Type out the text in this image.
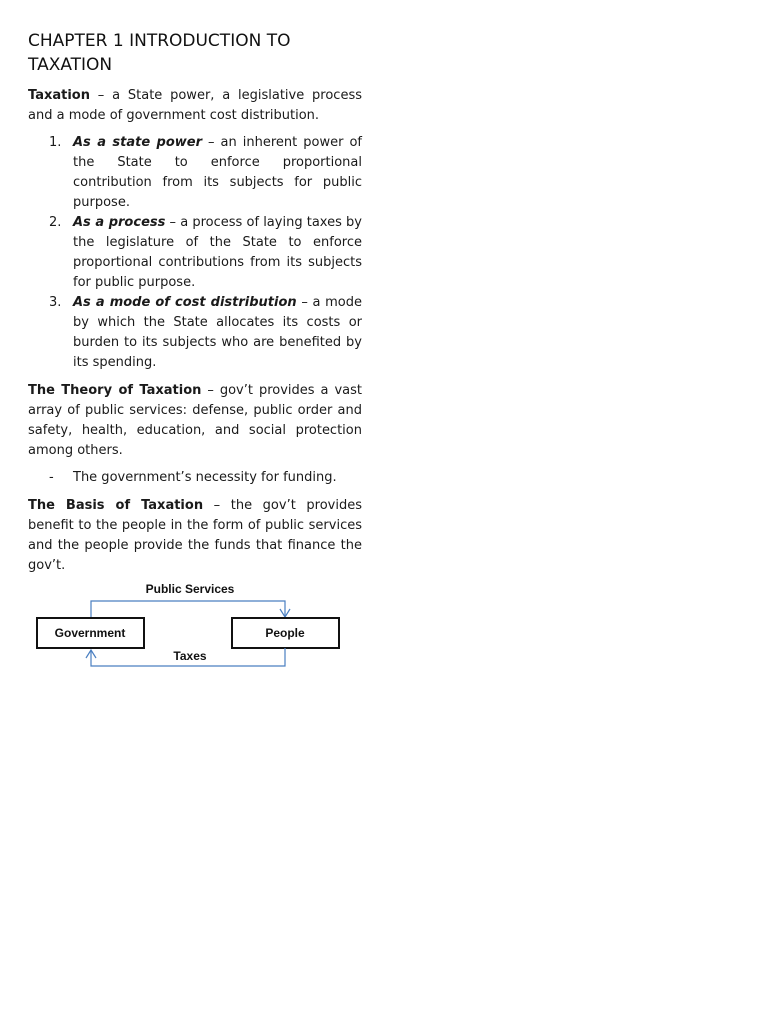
CHAPTER 1 INTRODUCTION TO
TAXATION

Taxation – a State power, a legislative process and a mode of government cost distribution.

1. As a state power – an inherent power of the State to enforce proportional contribution from its subjects for public purpose.
2. As a process – a process of laying taxes by the legislature of the State to enforce proportional contributions from its subjects for public purpose.
3. As a mode of cost distribution – a mode by which the State allocates its costs or burden to its subjects who are benefited by its spending.

The Theory of Taxation – gov’t provides a vast array of public services: defense, public order and safety, health, education, and social protection among others.

- The government’s necessity for funding.

The Basis of Taxation – the gov’t provides benefit to the people in the form of public services and the people provide the funds that finance the gov’t.

Public Services
Government	People
Taxes
